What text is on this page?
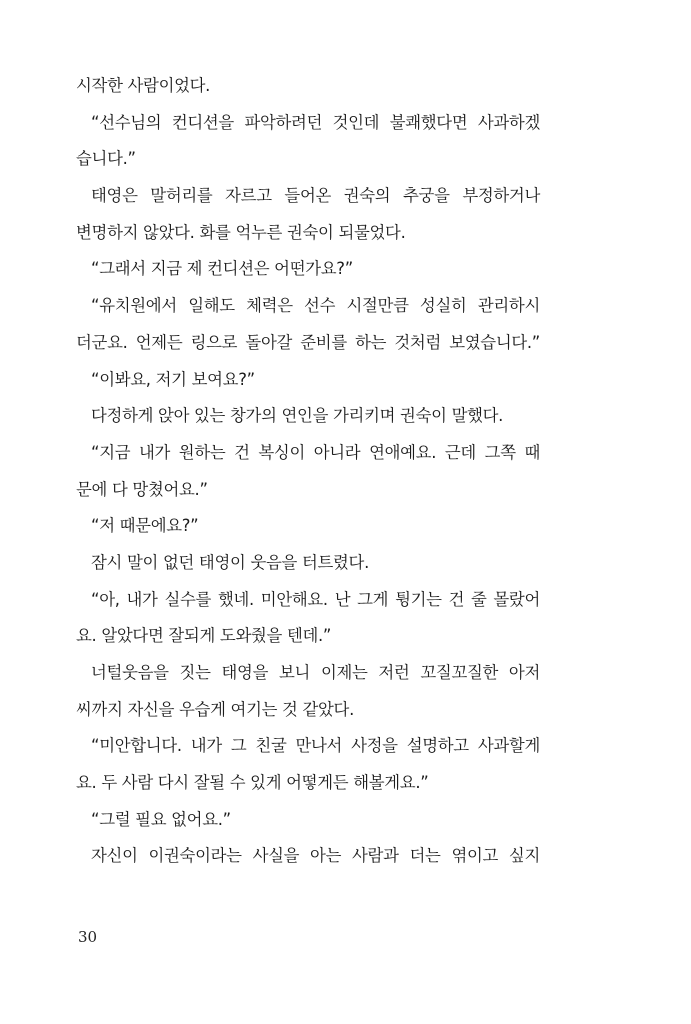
시작한 사람이었다.
“선수님의 컨디션을 파악하려던 것인데 불쾌했다면 사과하겠
습니다.”
태영은 말허리를 자르고 들어온 권숙의 추궁을 부정하거나
변명하지 않았다. 화를 억누른 권숙이 되물었다.
“그래서 지금 제 컨디션은 어떤가요?”
“유치원에서 일해도 체력은 선수 시절만큼 성실히 관리하시
더군요. 언제든 링으로 돌아갈 준비를 하는 것처럼 보였습니다.”
“이봐요, 저기 보여요?”
다정하게 앉아 있는 창가의 연인을 가리키며 권숙이 말했다.
“지금 내가 원하는 건 복싱이 아니라 연애예요. 근데 그쪽 때
문에 다 망쳤어요.”
“저 때문에요?”
잠시 말이 없던 태영이 웃음을 터트렸다.
“아, 내가 실수를 했네. 미안해요. 난 그게 튕기는 건 줄 몰랐어
요. 알았다면 잘되게 도와줬을 텐데.”
너털웃음을 짓는 태영을 보니 이제는 저런 꼬질꼬질한 아저
씨까지 자신을 우습게 여기는 것 같았다.
“미안합니다. 내가 그 친굴 만나서 사정을 설명하고 사과할게
요. 두 사람 다시 잘될 수 있게 어떻게든 해볼게요.”
“그럴 필요 없어요.”
자신이 이권숙이라는 사실을 아는 사람과 더는 엮이고 싶지
30
